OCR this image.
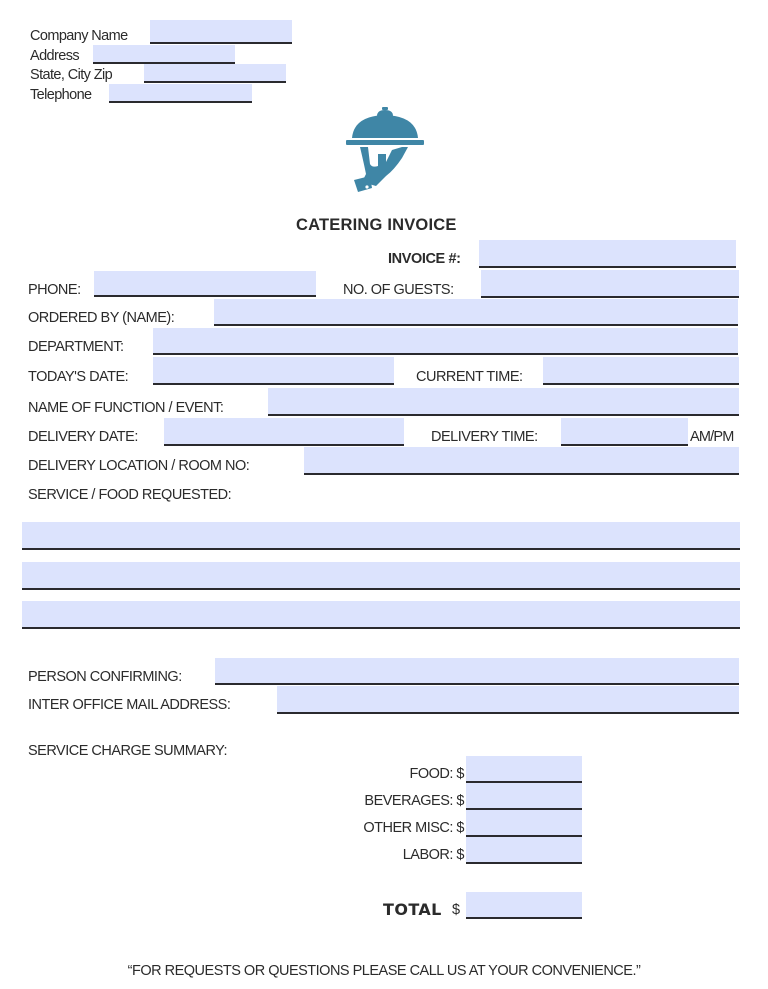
Company Name
Address
State, City Zip
Telephone
CATERING INVOICE
INVOICE #:
PHONE:	NO. OF GUESTS:
ORDERED BY (NAME):
DEPARTMENT:
TODAY'S DATE:	CURRENT TIME:
NAME OF FUNCTION / EVENT:
DELIVERY DATE:	DELIVERY TIME:	AM/PM
DELIVERY LOCATION / ROOM NO:
SERVICE / FOOD REQUESTED:
PERSON CONFIRMING:
INTER OFFICE MAIL ADDRESS:
SERVICE CHARGE SUMMARY:
FOOD: $
BEVERAGES: $
OTHER MISC: $
LABOR: $
TOTAL $
“FOR REQUESTS OR QUESTIONS PLEASE CALL US AT YOUR CONVENIENCE.”
